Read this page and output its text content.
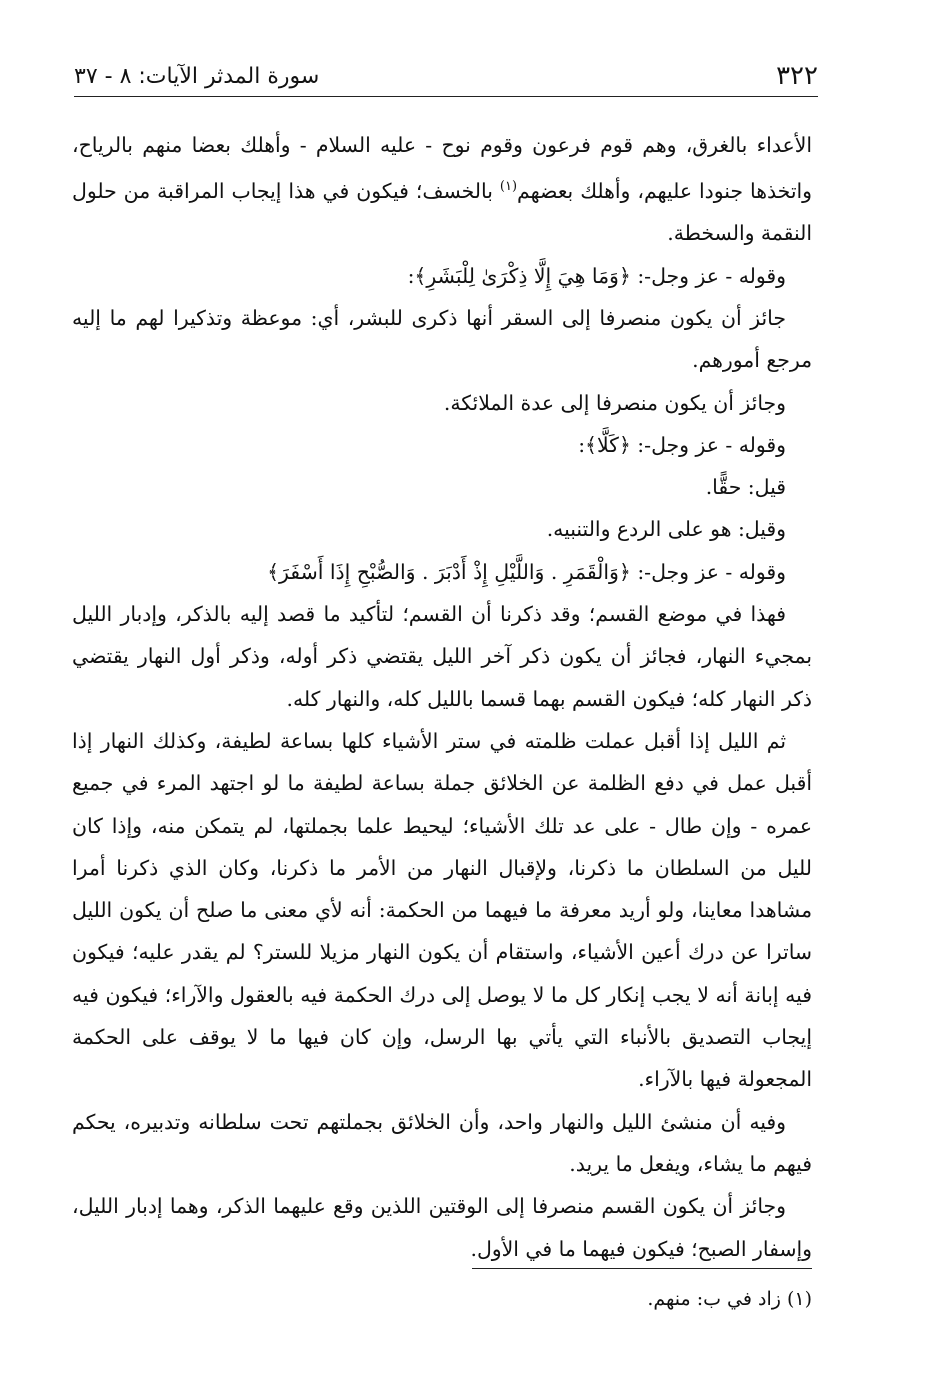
٣٢٢
سورة المدثر الآيات: ٨ - ٣٧

الأعداء بالغرق، وهم قوم فرعون وقوم نوح - عليه السلام - وأهلك بعضا منهم بالرياح، واتخذها جنودا عليهم، وأهلك بعضهم$^{(١)}$ بالخسف؛ فيكون في هذا إيجاب المراقبة من حلول النقمة والسخطة.

وقوله - عز وجل-: ﴿وَمَا هِيَ إِلَّا ذِكْرَىٰ لِلْبَشَرِ﴾:

جائز أن يكون منصرفا إلى السقر أنها ذكرى للبشر، أي: موعظة وتذكيرا لهم ما إليه مرجع أمورهم.

وجائز أن يكون منصرفا إلى عدة الملائكة.

وقوله - عز وجل-: ﴿كَلَّا﴾:

قيل: حقًّا.

وقيل: هو على الردع والتنبيه.

وقوله - عز وجل-: ﴿وَالْقَمَرِ . وَاللَّيْلِ إِذْ أَدْبَرَ . وَالصُّبْحِ إِذَا أَسْفَرَ﴾

فهذا في موضع القسم؛ وقد ذكرنا أن القسم؛ لتأكيد ما قصد إليه بالذكر، وإدبار الليل بمجيء النهار، فجائز أن يكون ذكر آخر الليل يقتضي ذكر أوله، وذكر أول النهار يقتضي ذكر النهار كله؛ فيكون القسم بهما قسما بالليل كله، والنهار كله.

ثم الليل إذا أقبل عملت ظلمته في ستر الأشياء كلها بساعة لطيفة، وكذلك النهار إذا أقبل عمل في دفع الظلمة عن الخلائق جملة بساعة لطيفة ما لو اجتهد المرء في جميع عمره - وإن طال - على عد تلك الأشياء؛ ليحيط علما بجملتها، لم يتمكن منه، وإذا كان لليل من السلطان ما ذكرنا، ولإقبال النهار من الأمر ما ذكرنا، وكان الذي ذكرنا أمرا مشاهدا معاينا، ولو أريد معرفة ما فيهما من الحكمة: أنه لأي معنى ما صلح أن يكون الليل ساترا عن درك أعين الأشياء، واستقام أن يكون النهار مزيلا للستر؟ لم يقدر عليه؛ فيكون فيه إبانة أنه لا يجب إنكار كل ما لا يوصل إلى درك الحكمة فيه بالعقول والآراء؛ فيكون فيه إيجاب التصديق بالأنباء التي يأتي بها الرسل، وإن كان فيها ما لا يوقف على الحكمة المجعولة فيها بالآراء.

وفيه أن منشئ الليل والنهار واحد، وأن الخلائق بجملتهم تحت سلطانه وتدبيره، يحكم فيهم ما يشاء، ويفعل ما يريد.

وجائز أن يكون القسم منصرفا إلى الوقتين اللذين وقع عليهما الذكر، وهما إدبار الليل، وإسفار الصبح؛ فيكون فيهما ما في الأول.

(١) زاد في ب: منهم.
